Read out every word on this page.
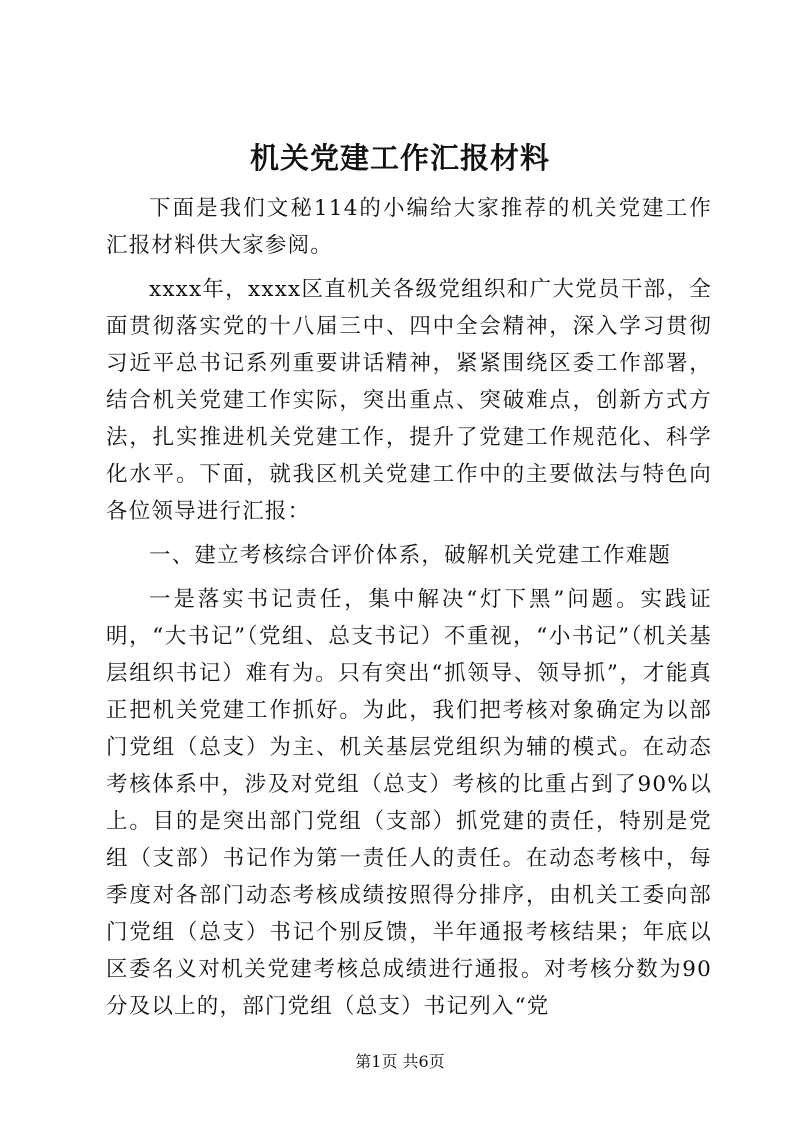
机关党建工作汇报材料

下面是我们文秘114的小编给大家推荐的机关党建工作汇报材料供大家参阅。

xxxx年，xxxx区直机关各级党组织和广大党员干部，全面贯彻落实党的十八届三中、四中全会精神，深入学习贯彻习近平总书记系列重要讲话精神，紧紧围绕区委工作部署，结合机关党建工作实际，突出重点、突破难点，创新方式方法，扎实推进机关党建工作，提升了党建工作规范化、科学化水平。下面，就我区机关党建工作中的主要做法与特色向各位领导进行汇报：

一、建立考核综合评价体系，破解机关党建工作难题

一是落实书记责任，集中解决“灯下黑”问题。实践证明，“大书记”（党组、总支书记）不重视，“小书记”（机关基层组织书记）难有为。只有突出“抓领导、领导抓”，才能真正把机关党建工作抓好。为此，我们把考核对象确定为以部门党组（总支）为主、机关基层党组织为辅的模式。在动态考核体系中，涉及对党组（总支）考核的比重占到了90%以上。目的是突出部门党组（支部）抓党建的责任，特别是党组（支部）书记作为第一责任人的责任。在动态考核中，每季度对各部门动态考核成绩按照得分排序，由机关工委向部门党组（总支）书记个别反馈，半年通报考核结果；年底以区委名义对机关党建考核总成绩进行通报。对考核分数为90分及以上的，部门党组（总支）书记列入“党

第1页 共6页
